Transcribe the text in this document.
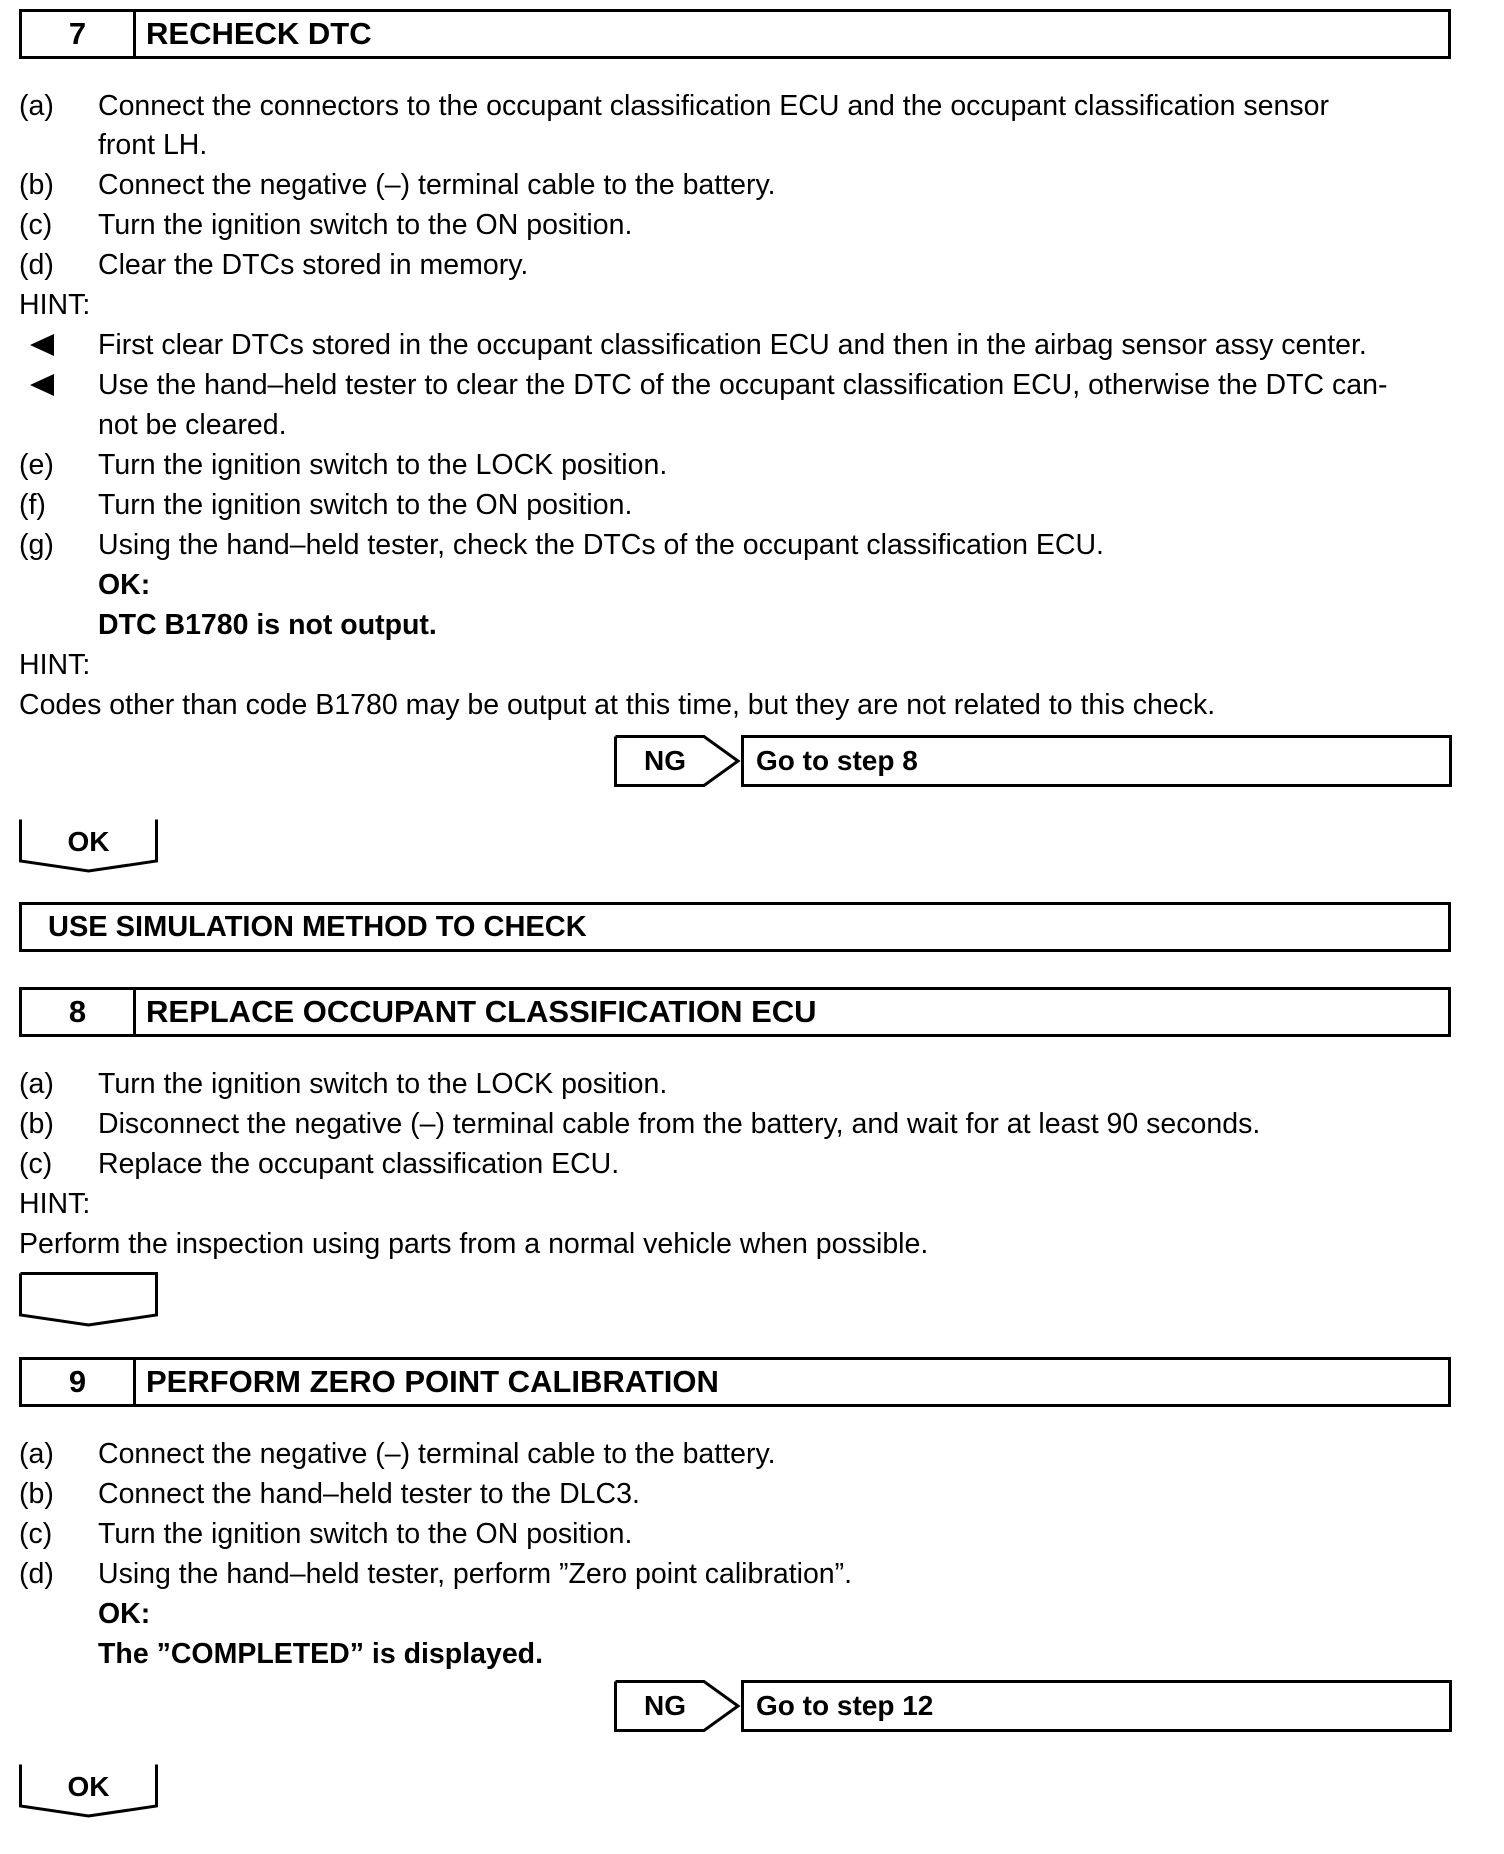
7	RECHECK DTC
(a) Connect the connectors to the occupant classification ECU and the occupant classification sensor
front LH.
(b) Connect the negative (–) terminal cable to the battery.
(c) Turn the ignition switch to the ON position.
(d) Clear the DTCs stored in memory.
HINT:
First clear DTCs stored in the occupant classification ECU and then in the airbag sensor assy center.
Use the hand–held tester to clear the DTC of the occupant classification ECU, otherwise the DTC can-
not be cleared.
(e) Turn the ignition switch to the LOCK position.
(f) Turn the ignition switch to the ON position.
(g) Using the hand–held tester, check the DTCs of the occupant classification ECU.
OK:
DTC B1780 is not output.
HINT:
Codes other than code B1780 may be output at this time, but they are not related to this check.
NG	Go to step 8
OK
USE SIMULATION METHOD TO CHECK
8	REPLACE OCCUPANT CLASSIFICATION ECU
(a) Turn the ignition switch to the LOCK position.
(b) Disconnect the negative (–) terminal cable from the battery, and wait for at least 90 seconds.
(c) Replace the occupant classification ECU.
HINT:
Perform the inspection using parts from a normal vehicle when possible.
9	PERFORM ZERO POINT CALIBRATION
(a) Connect the negative (–) terminal cable to the battery.
(b) Connect the hand–held tester to the DLC3.
(c) Turn the ignition switch to the ON position.
(d) Using the hand–held tester, perform ”Zero point calibration”.
OK:
The ”COMPLETED” is displayed.
NG	Go to step 12
OK
